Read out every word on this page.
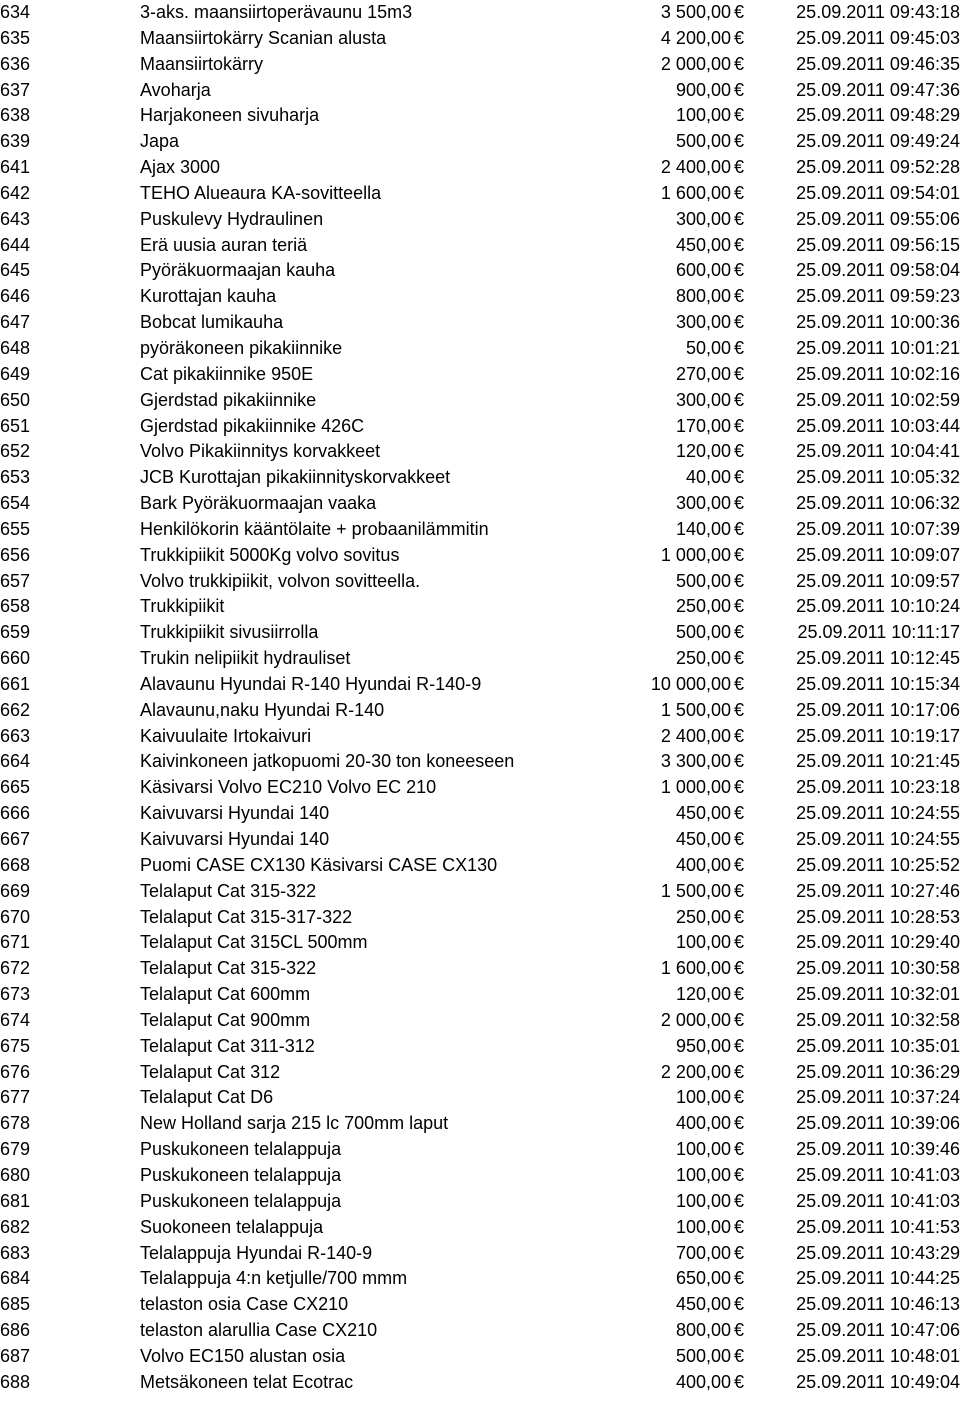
634	3-aks. maansiirtoperävaunu 15m3	3 500,00 €	25.09.2011 09:43:18
635	Maansiirtokärry Scanian alusta	4 200,00 €	25.09.2011 09:45:03
636	Maansiirtokärry	2 000,00 €	25.09.2011 09:46:35
637	Avoharja	900,00 €	25.09.2011 09:47:36
638	Harjakoneen sivuharja	100,00 €	25.09.2011 09:48:29
639	Japa	500,00 €	25.09.2011 09:49:24
641	Ajax 3000	2 400,00 €	25.09.2011 09:52:28
642	TEHO Alueaura KA-sovitteella	1 600,00 €	25.09.2011 09:54:01
643	Puskulevy Hydraulinen	300,00 €	25.09.2011 09:55:06
644	Erä uusia auran teriä	450,00 €	25.09.2011 09:56:15
645	Pyöräkuormaajan kauha	600,00 €	25.09.2011 09:58:04
646	Kurottajan kauha	800,00 €	25.09.2011 09:59:23
647	Bobcat lumikauha	300,00 €	25.09.2011 10:00:36
648	pyöräkoneen pikakiinnike	50,00 €	25.09.2011 10:01:21
649	Cat pikakiinnike 950E	270,00 €	25.09.2011 10:02:16
650	Gjerdstad pikakiinnike	300,00 €	25.09.2011 10:02:59
651	Gjerdstad pikakiinnike 426C	170,00 €	25.09.2011 10:03:44
652	Volvo Pikakiinnitys korvakkeet	120,00 €	25.09.2011 10:04:41
653	JCB Kurottajan pikakiinnityskorvakkeet	40,00 €	25.09.2011 10:05:32
654	Bark Pyöräkuormaajan vaaka	300,00 €	25.09.2011 10:06:32
655	Henkilökorin kääntölaite + probaanilämmitin	140,00 €	25.09.2011 10:07:39
656	Trukkipiikit 5000Kg volvo sovitus	1 000,00 €	25.09.2011 10:09:07
657	Volvo trukkipiikit, volvon sovitteella.	500,00 €	25.09.2011 10:09:57
658	Trukkipiikit	250,00 €	25.09.2011 10:10:24
659	Trukkipiikit sivusiirrolla	500,00 €	25.09.2011 10:11:17
660	Trukin nelipiikit hydrauliset	250,00 €	25.09.2011 10:12:45
661	Alavaunu Hyundai R-140 Hyundai R-140-9	10 000,00 €	25.09.2011 10:15:34
662	Alavaunu,naku Hyundai R-140	1 500,00 €	25.09.2011 10:17:06
663	Kaivuulaite Irtokaivuri	2 400,00 €	25.09.2011 10:19:17
664	Kaivinkoneen jatkopuomi 20-30 ton koneeseen	3 300,00 €	25.09.2011 10:21:45
665	Käsivarsi Volvo EC210 Volvo EC 210	1 000,00 €	25.09.2011 10:23:18
666	Kaivuvarsi Hyundai 140	450,00 €	25.09.2011 10:24:55
667	Kaivuvarsi Hyundai 140	450,00 €	25.09.2011 10:24:55
668	Puomi CASE CX130 Käsivarsi CASE CX130	400,00 €	25.09.2011 10:25:52
669	Telalaput Cat 315-322	1 500,00 €	25.09.2011 10:27:46
670	Telalaput Cat 315-317-322	250,00 €	25.09.2011 10:28:53
671	Telalaput Cat 315CL 500mm	100,00 €	25.09.2011 10:29:40
672	Telalaput Cat 315-322	1 600,00 €	25.09.2011 10:30:58
673	Telalaput Cat 600mm	120,00 €	25.09.2011 10:32:01
674	Telalaput Cat 900mm	2 000,00 €	25.09.2011 10:32:58
675	Telalaput Cat 311-312	950,00 €	25.09.2011 10:35:01
676	Telalaput Cat 312	2 200,00 €	25.09.2011 10:36:29
677	Telalaput Cat D6	100,00 €	25.09.2011 10:37:24
678	New Holland sarja 215 lc 700mm laput	400,00 €	25.09.2011 10:39:06
679	Puskukoneen telalappuja	100,00 €	25.09.2011 10:39:46
680	Puskukoneen telalappuja	100,00 €	25.09.2011 10:41:03
681	Puskukoneen telalappuja	100,00 €	25.09.2011 10:41:03
682	Suokoneen telalappuja	100,00 €	25.09.2011 10:41:53
683	Telalappuja Hyundai R-140-9	700,00 €	25.09.2011 10:43:29
684	Telalappuja 4:n ketjulle/700 mmm	650,00 €	25.09.2011 10:44:25
685	telaston osia Case CX210	450,00 €	25.09.2011 10:46:13
686	telaston alarullia Case CX210	800,00 €	25.09.2011 10:47:06
687	Volvo EC150 alustan osia	500,00 €	25.09.2011 10:48:01
688	Metsäkoneen telat Ecotrac	400,00 €	25.09.2011 10:49:04
